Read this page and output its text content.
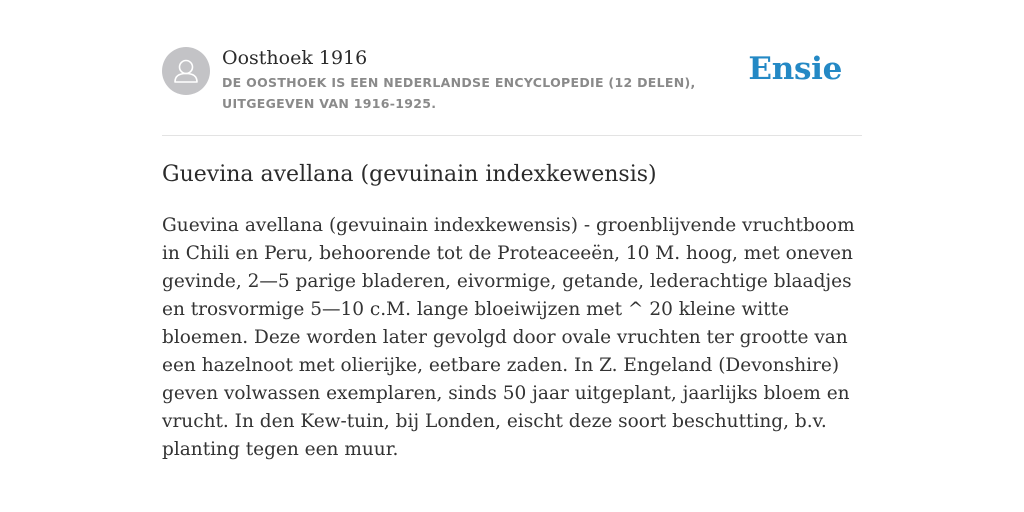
Oosthoek 1916
DE OOSTHOEK IS EEN NEDERLANDSE ENCYCLOPEDIE (12 DELEN), UITGEGEVEN VAN 1916-1925.
Ensie
Guevina avellana (gevuinain indexkewensis)

Guevina avellana (gevuinain indexkewensis) - groenblijvende vruchtboom in Chili en Peru, behoorende tot de Proteaceeën, 10 M. hoog, met oneven gevinde, 2—5 parige bladeren, eivormige, getande, lederachtige blaadjes en trosvormige 5—10 c.M. lange bloeiwijzen met ^ 20 kleine witte bloemen. Deze worden later gevolgd door ovale vruchten ter grootte van een hazelnoot met olierijke, eetbare zaden. In Z. Engeland (Devonshire) geven volwassen exemplaren, sinds 50 jaar uitgeplant, jaarlijks bloem en vrucht. In den Kew-tuin, bij Londen, eischt deze soort beschutting, b.v. planting tegen een muur.
